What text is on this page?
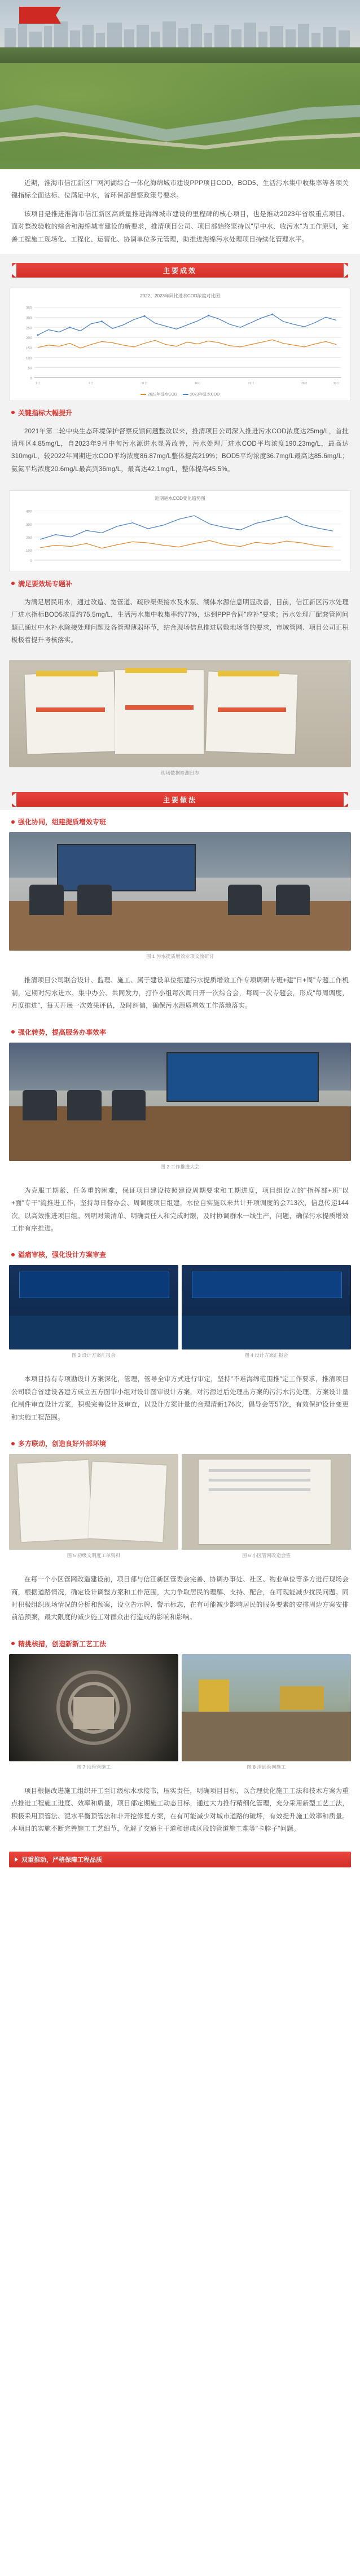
近期，淮海市信江新区厂网河湖综合一体化海绵城市建设PPP项目COD、BOD5、生活污水集中收集率等各项关键指标全面达标、位满足中水，省环保部督察政策号要求。

该项目是推进淮海市信江新区高质量推进海绵城市建设的里程碑的核心项目，也是推动2023年省级重点项目、面对整改验收的综合和海绵城市建设的新要求，推清项目公司、项目部始终坚持以"早中水、收污水"为工作原则，完善工程施工现场化、工程化、运营化、协调单位多元管理，助推进海绵污水处理项目持续化管理水平。

主要成效
2022、2023年同比进水COD浓度对比图
0
50
100
150
200
250
300
350
1日	6日	11日	16日	21日	26日	30日
2022年进水COD	2023年进水COD
关键指标大幅提升

2021年第二轮中央生态环境保护督察反馈问题整改以来，推清项目公司深入推进污水COD浓度达25mg/L，首批清理区4.85mg/L，自2023年9月中旬污水源进水显著改善，污水处理厂进水COD平均浓度190.23mg/L，最高达310mg/L，较2022年同期进水COD平均浓度86.87mg/L整体提高219%；BOD5平均浓度36.7mg/L最高达85.6mg/L；氨氮平均浓度20.6mg/L最高到36mg/L，最高达42.1mg/L，整体提高45.5%。

近期进水COD变化趋势图
0
100
200
300
400
满足要效场专题补

为满足居民用水，通过改造、宽管道、疏砂渠渠接水及水泵、湖体水源信息明显改善，目前，信江新区污水处理厂进水指标BOD5浓度约75.5mg/L，生活污水集中收集率约77%，达到PPP合同"应补"要求；污水处理厂配套管网问题已通过中水补水除接处理问题及各管理薄弱环节，结合现场信息推进居敷地场等的要求，市域管网、项目公司正积极极着提升考核落实。

现场数据检测日志
主要做法
强化协同，组建提质增效专班
图 1 污水提质增效专项交流研讨

推清项目公司联合设计、监理、施工、属于建设单位组建污水提质增效工作专项调研专班+建"日+周"专题工作机制，定期对污水进水、集中办公、共同发力，打作小组每次周日开一次综合会，每周一次专题会，形成"每周调度，月度推进"，每天开展一次效果评估，及时纠偏，确保污水源质增效工作落地落实。

强化转势，提高服务办事效率
图 2 工作推进大会

为克服工期紧、任务重的困难，保证项目建设按照建设周期要求和工期进度，项目组设立的"指挥部+班"以+面"专干"流推进工作，坚持每日督办会、周调度项目组建，水位自实施以来共计开项调度的会713次，信息传递144次，以高效推进项目组。列明对策清单、明确责任人和完成时限，及时协调群水一线生产，问题，确保污水提质增效工作有序推进。

溢痛审核，强化设计方案审查
图 3 设计方案汇报会	图 4 设计方案汇报会

本项目持有专项勘设计方案深化，管理，管导全审方式进行审定，坚持"不难海绵范围推"定工作要求，推清项目公司联合省建设各建方成立五方图审小组对设计图审设计方案，对污源过后处理出方案的污污水污处理，方案设计量化制件审查设计方案，积极完善设计及审查，以设计方案计量的合理清新176次，倡导会等57次，有效保护设计变更和实施工程范围。

多方联动，创造良好外部环境
图 5 初级文明度工单资料	图 6 小区管网改造会签

在每一个小区管网改造建设前，项目部与信江新区管委会完善、协调办事处、社区、物业单位等多方进行现场会商，根据道路情况，确定设计调整方案和工作范围，大力争取居民的理解、支持、配合，在可现能减少扰民问题。同时积极组织现场情况的分析和预案，设立告示牌、警示标志，在有可能减少影响居民的服务要素的安排周边方案安排前沿预案，最大限度的减少施工对群众出行造成的影响和影响。

精挑核措，创造新新工艺工法
图 7 顶管管施工	图 8 清通管网施工

项目根据改进施工组织开工至订级标水承接书，压实责任，明确项目目标，以合理优化施工工法和技术方案为重点推进工程施工进度、效率和质量，项目部定期施工动态目标，通过大力推行精细化管理，充分采用新型工艺工法，积极采用顶管法、泥水平衡顶管法和非开挖修复方案，在有可能减少对城市道路的破坏，有效提升施工效率和质量。本项目的实施不断完善施工工艺细节，化解了交通主干道和建成区段的管道施工难等"卡脖子"问题。

双重推动，严格保障工程品质
